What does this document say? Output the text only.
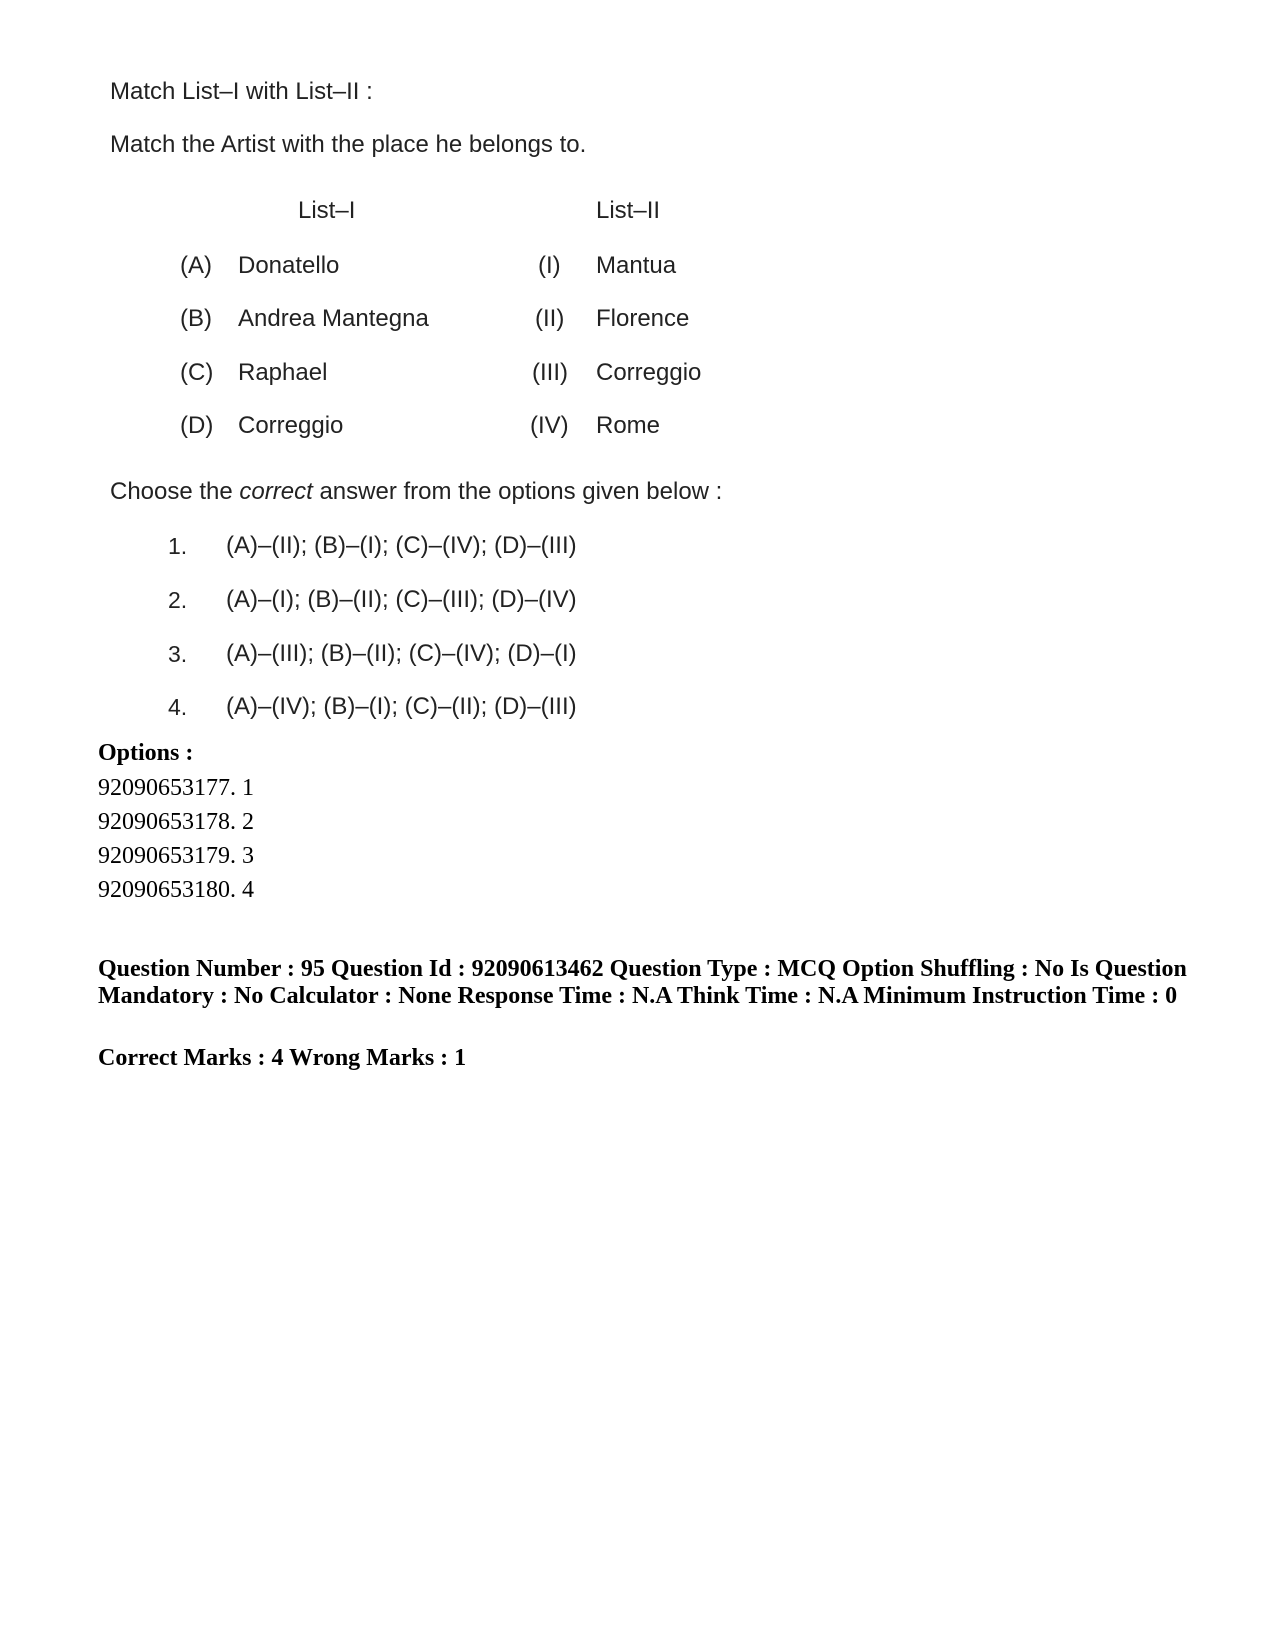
Match List–I with List–II :
Match the Artist with the place he belongs to.
List–I	List–II
(A) Donatello	(I) Mantua
(B) Andrea Mantegna	(II) Florence
(C) Raphael	(III) Correggio
(D) Correggio	(IV) Rome
Choose the correct answer from the options given below :
1. (A)–(II); (B)–(I); (C)–(IV); (D)–(III)
2. (A)–(I); (B)–(II); (C)–(III); (D)–(IV)
3. (A)–(III); (B)–(II); (C)–(IV); (D)–(I)
4. (A)–(IV); (B)–(I); (C)–(II); (D)–(III)
Options :
92090653177. 1
92090653178. 2
92090653179. 3
92090653180. 4
Question Number : 95 Question Id : 92090613462 Question Type : MCQ Option Shuffling : No Is Question Mandatory : No Calculator : None Response Time : N.A Think Time : N.A Minimum Instruction Time : 0
Correct Marks : 4 Wrong Marks : 1
